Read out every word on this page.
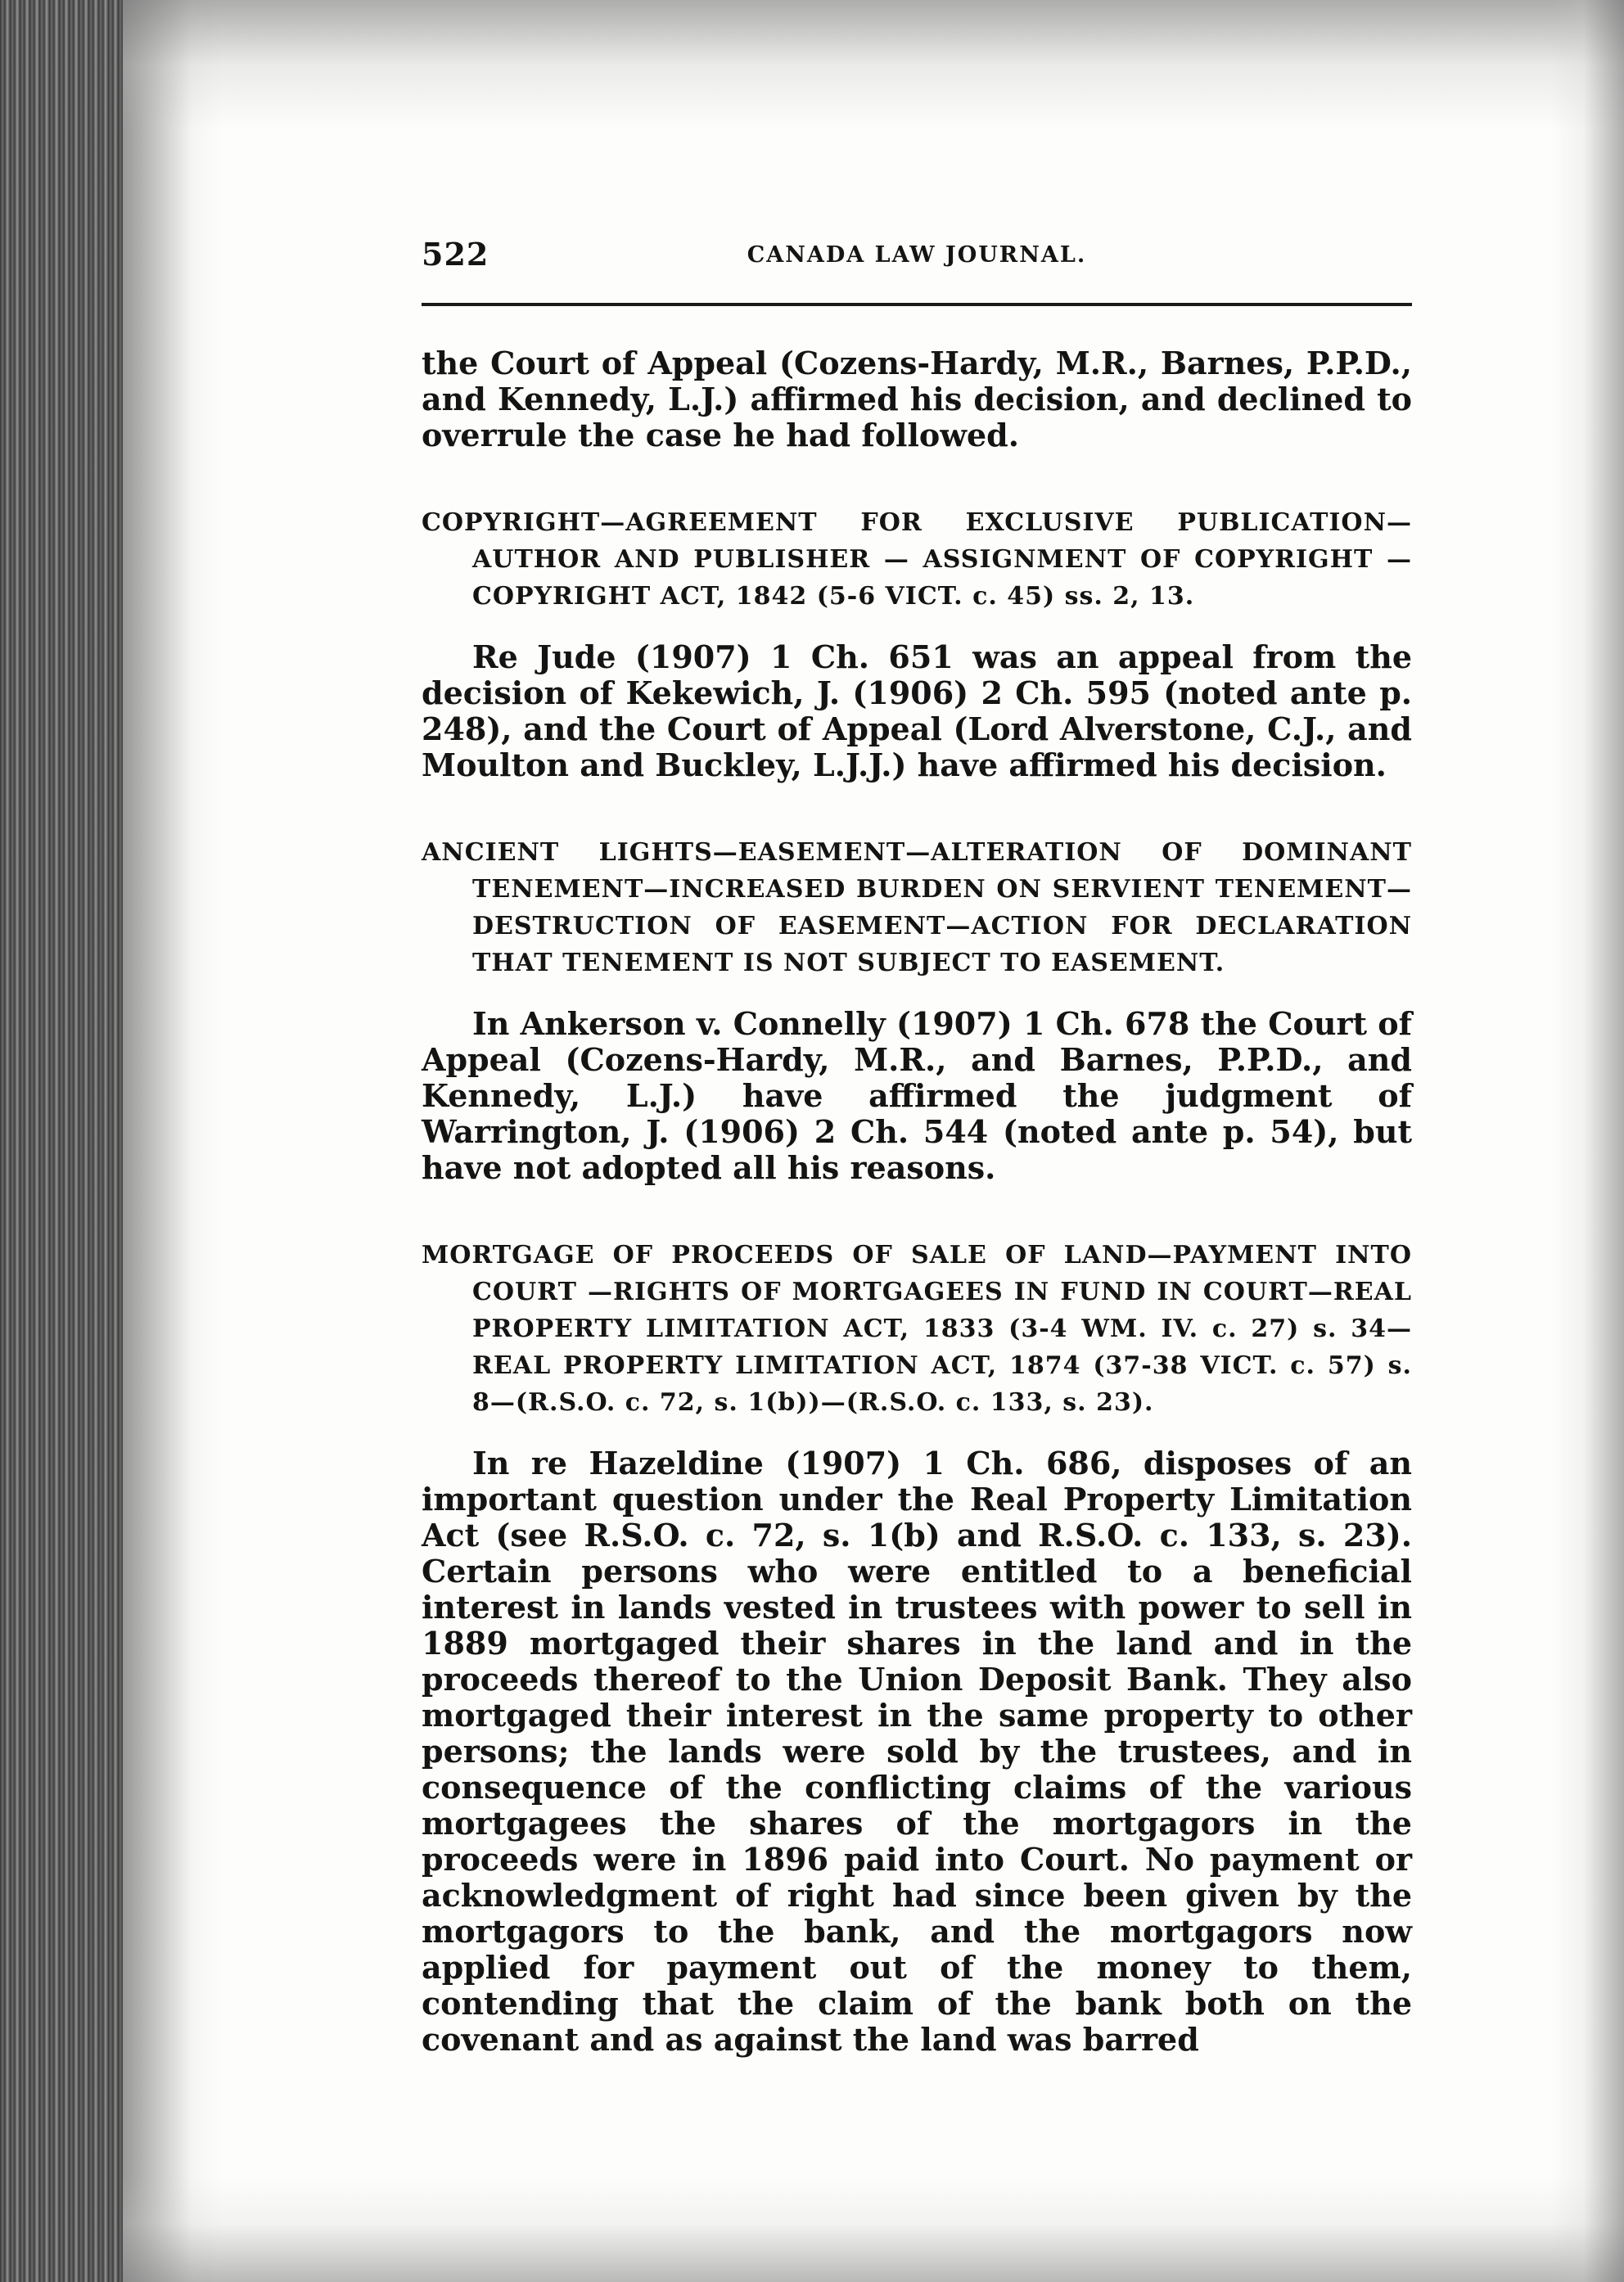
522	CANADA LAW JOURNAL.

the Court of Appeal (Cozens-Hardy, M.R., Barnes, P.P.D., and Kennedy, L.J.) affirmed his decision, and declined to overrule the case he had followed.

COPYRIGHT—AGREEMENT FOR EXCLUSIVE PUBLICATION—AUTHOR AND PUBLISHER — ASSIGNMENT OF COPYRIGHT — COPYRIGHT ACT, 1842 (5-6 VICT. c. 45) ss. 2, 13.

Re Jude (1907) 1 Ch. 651 was an appeal from the decision of Kekewich, J. (1906) 2 Ch. 595 (noted ante p. 248), and the Court of Appeal (Lord Alverstone, C.J., and Moulton and Buckley, L.J.J.) have affirmed his decision.

ANCIENT LIGHTS—EASEMENT—ALTERATION OF DOMINANT TENEMENT—INCREASED BURDEN ON SERVIENT TENEMENT—DESTRUCTION OF EASEMENT—ACTION FOR DECLARATION THAT TENEMENT IS NOT SUBJECT TO EASEMENT.

In Ankerson v. Connelly (1907) 1 Ch. 678 the Court of Appeal (Cozens-Hardy, M.R., and Barnes, P.P.D., and Kennedy, L.J.) have affirmed the judgment of Warrington, J. (1906) 2 Ch. 544 (noted ante p. 54), but have not adopted all his reasons.

MORTGAGE OF PROCEEDS OF SALE OF LAND—PAYMENT INTO COURT —RIGHTS OF MORTGAGEES IN FUND IN COURT—REAL PROPERTY LIMITATION ACT, 1833 (3-4 WM. IV. c. 27) s. 34— REAL PROPERTY LIMITATION ACT, 1874 (37-38 VICT. c. 57) s. 8—(R.S.O. c. 72, s. 1(b))—(R.S.O. c. 133, s. 23).

In re Hazeldine (1907) 1 Ch. 686, disposes of an important question under the Real Property Limitation Act (see R.S.O. c. 72, s. 1(b) and R.S.O. c. 133, s. 23). Certain persons who were entitled to a beneficial interest in lands vested in trustees with power to sell in 1889 mortgaged their shares in the land and in the proceeds thereof to the Union Deposit Bank. They also mortgaged their interest in the same property to other persons; the lands were sold by the trustees, and in consequence of the conflicting claims of the various mortgagees the shares of the mortgagors in the proceeds were in 1896 paid into Court. No payment or acknowledgment of right had since been given by the mortgagors to the bank, and the mortgagors now applied for payment out of the money to them, contending that the claim of the bank both on the covenant and as against the land was barred
